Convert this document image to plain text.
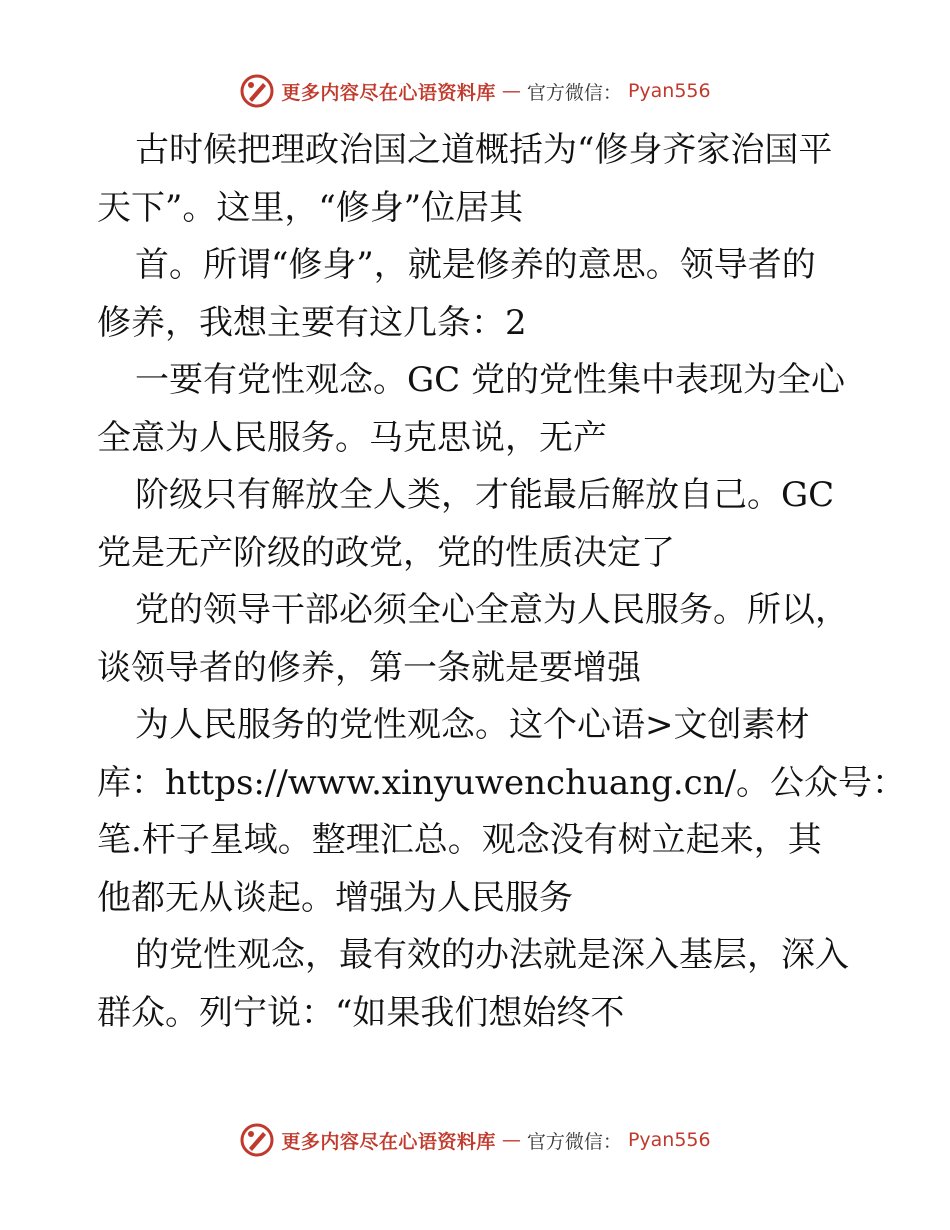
更多内容尽在心语资料库 — 官方微信： Pyan556
古时候把理政治国之道概括为“修身齐家治国平
天下”。这里，“修身”位居其
首。所谓“修身”，就是修养的意思。领导者的
修养，我想主要有这几条：2
一要有党性观念。GC 党的党性集中表现为全心
全意为人民服务。马克思说，无产
阶级只有解放全人类，才能最后解放自己。GC
党是无产阶级的政党，党的性质决定了
党的领导干部必须全心全意为人民服务。所以，
谈领导者的修养，第一条就是要增强
为人民服务的党性观念。这个心语>文创素材
库：https://www.xinyuwenchuang.cn/。公众号：
笔.杆子星域。整理汇总。观念没有树立起来，其
他都无从谈起。增强为人民服务
的党性观念，最有效的办法就是深入基层，深入
群众。列宁说：“如果我们想始终不
更多内容尽在心语资料库 — 官方微信： Pyan556
